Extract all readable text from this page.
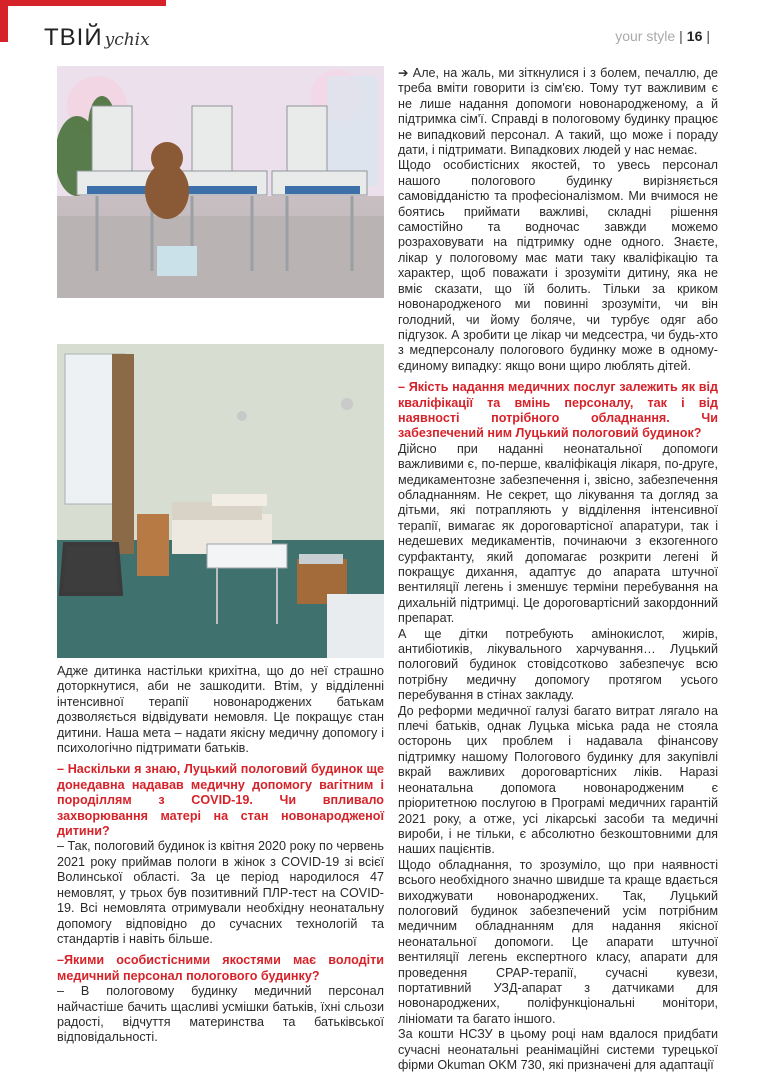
ТВІЙ ychix	your style | 16 |

Адже дитинка настільки крихітна, що до неї страшно доторкнутися, аби не зашкодити. Втім, у відділенні інтенсивної терапії новонароджених батькам дозволяється відвідувати немовля. Це покращує стан дитини. Наша мета – надати якісну медичну допомогу і психологічно підтримати батьків.

– Наскільки я знаю, Луцький пологовий будинок ще донедавна надавав медичну допомогу вагітним і породіллям з COVID-19. Чи впливало захворювання матері на стан новонародженої дитини?

– Так, пологовий будинок із квітня 2020 року по червень 2021 року приймав пологи в жінок з COVID-19 зі всієї Волинської області. За це період народилося 47 немовлят, у трьох був позитивний ПЛР-тест на COVID-19. Всі немовлята отримували необхідну неонатальну допомогу відповідно до сучасних технологій та стандартів і навіть більше.

–Якими особистісними якостями має володіти медичний персонал пологового будинку?

– В пологовому будинку медичний персонал найчастіше бачить щасливі усмішки батьків, їхні сльози радості, відчуття материнства та батьківської відповідальності.

➔ Але, на жаль, ми зіткнулися і з болем, печаллю, де треба вміти говорити із сім'єю. Тому тут важливим є не лише надання допомоги новонародженому, а й підтримка сім'ї. Справді в пологовому будинку працює не випадковий персонал. А такий, що може і пораду дати, і підтримати. Випадкових людей у нас немає.

Щодо особистісних якостей, то увесь персонал нашого пологового будинку вирізняється самовідданістю та професіоналізмом. Ми вчимося не боятись приймати важливі, складні рішення самостійно та водночас завжди можемо розраховувати на підтримку одне одного. Знаєте, лікар у пологовому має мати таку кваліфікацію та характер, щоб поважати і зрозуміти дитину, яка не вміє сказати, що їй болить. Тільки за криком новонародженого ми повинні зрозуміти, чи він голодний, чи йому боляче, чи турбує одяг або підгузок. А зробити це лікар чи медсестра, чи будь-хто з медперсоналу пологового будинку може в одному-єдиному випадку: якщо вони щиро люблять дітей.

– Якість надання медичних послуг залежить як від кваліфікації та вмінь персоналу, так і від наявності потрібного обладнання. Чи забезпечений ним Луцький пологовий будинок?

Дійсно при наданні неонатальної допомоги важливими є, по-перше, кваліфікація лікаря, по-друге, медикаментозне забезпечення і, звісно, забезпечення обладнанням. Не секрет, що лікування та догляд за дітьми, які потрапляють у відділення інтенсивної терапії, вимагає як дороговартісної апаратури, так і недешевих медикаментів, починаючи з екзогенного сурфактанту, який допомагає розкрити легені й покращує дихання, адаптує до апарата штучної вентиляції легень і зменшує терміни перебування на дихальній підтримці. Це дороговартісний закордонний препарат.

А ще дітки потребують амінокислот, жирів, антибіотиків, лікувального харчування… Луцький пологовий будинок стовідсотково забезпечує всю потрібну медичну допомогу протягом усього перебування в стінах закладу.

До реформи медичної галузі багато витрат лягало на плечі батьків, однак Луцька міська рада не стояла осторонь цих проблем і надавала фінансову підтримку нашому Пологового будинку для закупівлі вкрай важливих дороговартісних ліків. Наразі неонатальна допомога новонародженим є пріоритетною послугою в Програмі медичних гарантій 2021 року, а отже, усі лікарські засоби та медичні вироби, і не тільки, є абсолютно безкоштовними для наших пацієнтів.

Щодо обладнання, то зрозуміло, що при наявності всього необхідного значно швидше та краще вдається виходжувати новонароджених. Так, Луцький пологовий будинок забезпечений усім потрібним медичним обладнанням для надання якісної неонатальної допомоги. Це апарати штучної вентиляції легень експертного класу, апарати для проведення CPAP-терапії, сучасні кувези, портативний УЗД-апарат з датчиками для новонароджених, поліфункціональні монітори, лініомати та багато іншого.

За кошти НСЗУ в цьому році нам вдалося придбати сучасні неонатальні реанімаційні системи турецької фірми Okuman OKM 730, які призначені для адаптації
